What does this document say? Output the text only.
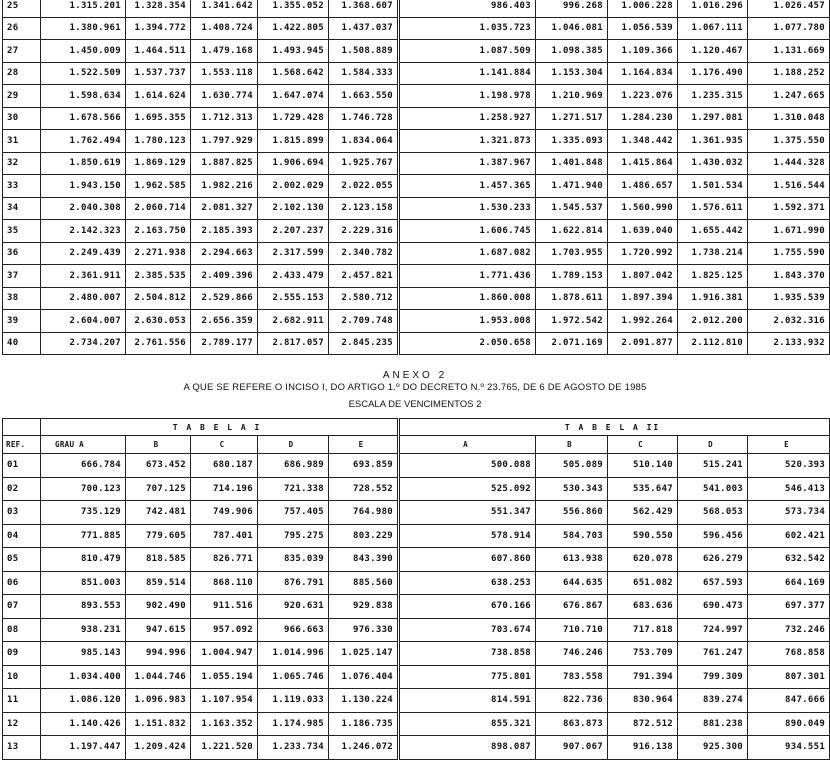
25	1.315.201	1.328.354	1.341.642	1.355.052	1.368.607	986.403	996.268	1.006.228	1.016.296	1.026.457
26	1.380.961	1.394.772	1.408.724	1.422.805	1.437.037	1.035.723	1.046.081	1.056.539	1.067.111	1.077.780
27	1.450.009	1.464.511	1.479.168	1.493.945	1.508.889	1.087.509	1.098.385	1.109.366	1.120.467	1.131.669
28	1.522.509	1.537.737	1.553.118	1.568.642	1.584.333	1.141.884	1.153.304	1.164.834	1.176.490	1.188.252
29	1.598.634	1.614.624	1.630.774	1.647.074	1.663.550	1.198.978	1.210.969	1.223.076	1.235.315	1.247.665
30	1.678.566	1.695.355	1.712.313	1.729.428	1.746.728	1.258.927	1.271.517	1.284.230	1.297.081	1.310.048
31	1.762.494	1.780.123	1.797.929	1.815.899	1.834.064	1.321.873	1.335.093	1.348.442	1.361.935	1.375.550
32	1.850.619	1.869.129	1.887.825	1.906.694	1.925.767	1.387.967	1.401.848	1.415.864	1.430.032	1.444.328
33	1.943.150	1.962.585	1.982.216	2.002.029	2.022.055	1.457.365	1.471.940	1.486.657	1.501.534	1.516.544
34	2.040.308	2.060.714	2.081.327	2.102.130	2.123.158	1.530.233	1.545.537	1.560.990	1.576.611	1.592.371
35	2.142.323	2.163.750	2.185.393	2.207.237	2.229.316	1.606.745	1.622.814	1.639.040	1.655.442	1.671.990
36	2.249.439	2.271.938	2.294.663	2.317.599	2.340.782	1.687.082	1.703.955	1.720.992	1.738.214	1.755.590
37	2.361.911	2.385.535	2.409.396	2.433.479	2.457.821	1.771.436	1.789.153	1.807.042	1.825.125	1.843.370
38	2.480.007	2.504.812	2.529.866	2.555.153	2.580.712	1.860.008	1.878.611	1.897.394	1.916.381	1.935.539
39	2.604.007	2.630.053	2.656.359	2.682.911	2.709.748	1.953.008	1.972.542	1.992.264	2.012.200	2.032.316
40	2.734.207	2.761.556	2.789.177	2.817.057	2.845.235	2.050.658	2.071.169	2.091.877	2.112.810	2.133.932
ANEXO 2
A QUE SE REFERE O INCISO I, DO ARTIGO 1.º DO DECRETO N.º 23.765, DE 6 DE AGOSTO DE 1985
ESCALA DE VENCIMENTOS 2
	T A B E L A I					T A B E L A II				
REF.	GRAU A	B	C	D	E	A	B	C	D	E
01	666.784	673.452	680.187	686.989	693.859	500.088	505.089	510.140	515.241	520.393
02	700.123	707.125	714.196	721.338	728.552	525.092	530.343	535.647	541.003	546.413
03	735.129	742.481	749.906	757.405	764.980	551.347	556.860	562.429	568.053	573.734
04	771.885	779.605	787.401	795.275	803.229	578.914	584.703	590.550	596.456	602.421
05	810.479	818.585	826.771	835.039	843.390	607.860	613.938	620.078	626.279	632.542
06	851.003	859.514	868.110	876.791	885.560	638.253	644.635	651.082	657.593	664.169
07	893.553	902.490	911.516	920.631	929.838	670.166	676.867	683.636	690.473	697.377
08	938.231	947.615	957.092	966.663	976.330	703.674	710.710	717.818	724.997	732.246
09	985.143	994.996	1.004.947	1.014.996	1.025.147	738.858	746.246	753.709	761.247	768.858
10	1.034.400	1.044.746	1.055.194	1.065.746	1.076.404	775.801	783.558	791.394	799.309	807.301
11	1.086.120	1.096.983	1.107.954	1.119.033	1.130.224	814.591	822.736	830.964	839.274	847.666
12	1.140.426	1.151.832	1.163.352	1.174.985	1.186.735	855.321	863.873	872.512	881.238	890.049
13	1.197.447	1.209.424	1.221.520	1.233.734	1.246.072	898.087	907.067	916.138	925.300	934.551
